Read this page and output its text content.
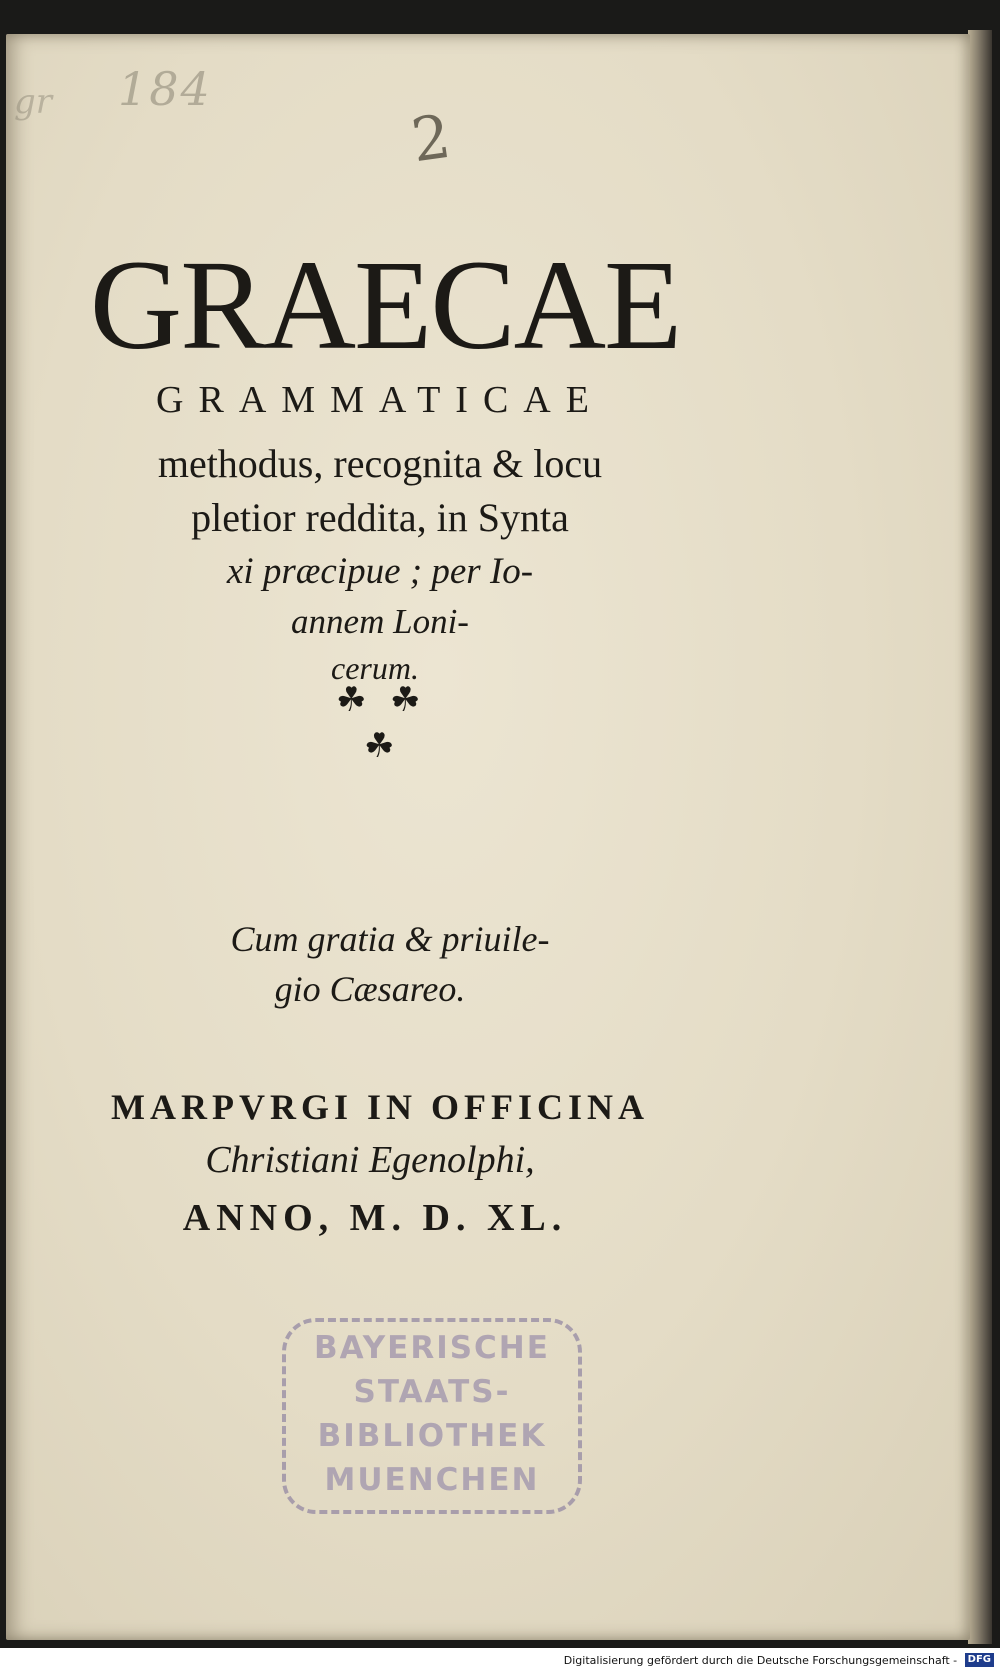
gr 184
2
GRAECAE
GRAMMATICAE
methodus, recognita & locu
pletior reddita, in Synta
xi præcipue ; per Io-
annem Loni-
cerum.
☘ ☘
☘
Cum gratia & priuile-
gio Cæsareo.
MARPVRGI IN OFFICINA
Christiani Egenolphi,
ANNO, M. D. XL.
BAYERISCHE
STAATS-
BIBLIOTHEK
MUENCHEN
Digitalisierung gefördert durch die Deutsche Forschungsgemeinschaft - DFG
